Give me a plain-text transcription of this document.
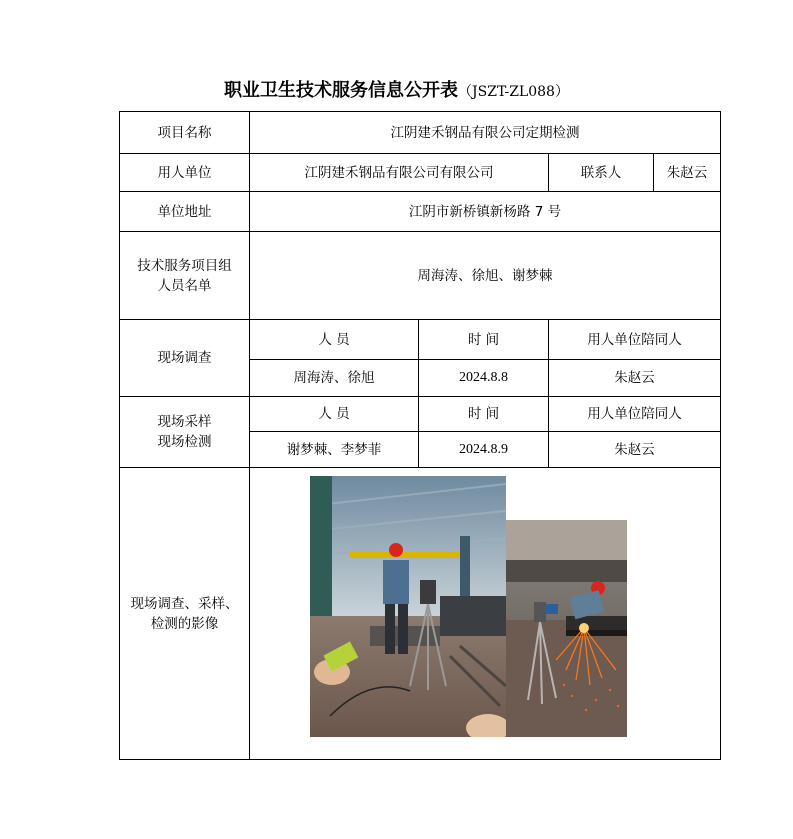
职业卫生技术服务信息公开表（JSZT-ZL088）
项目名称	江阴建禾钢品有限公司定期检测			
用人单位	江阴建禾钢品有限公司有限公司		联系人	朱赵云
单位地址	江阴市新桥镇新杨路 7 号			

技术服务项目组
人员名单	周海涛、徐旭、谢梦棘			
现场调查	人 员	时 间	用人单位陪同人	
	周海涛、徐旭	2024.8.8	朱赵云	

现场采样
现场检测	人 员	时 间	用人单位陪同人	
	谢梦棘、李梦菲	2024.8.9	朱赵云	

现场调查、采样、
检测的影像
